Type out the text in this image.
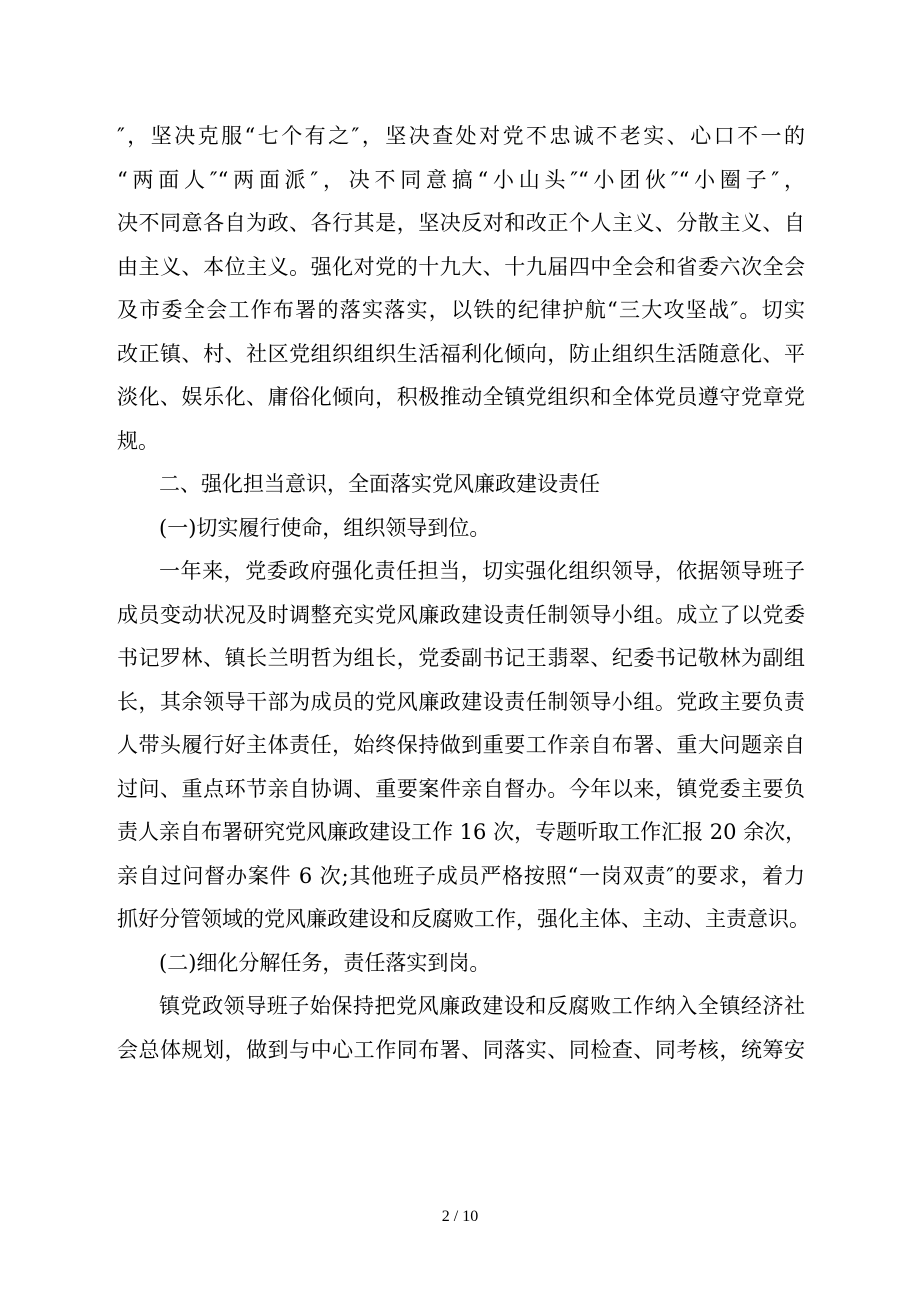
″，坚决克服“七个有之″，坚决查处对党不忠诚不老实、心口不一的
“两面人″“两面派″，决不同意搞“小山头″“小团伙″“小圈子″，
决不同意各自为政、各行其是，坚决反对和改正个人主义、分散主义、自
由主义、本位主义。强化对党的十九大、十九届四中全会和省委六次全会
及市委全会工作布署的落实落实，以铁的纪律护航“三大攻坚战″。切实
改正镇、村、社区党组织组织生活福利化倾向，防止组织生活随意化、平
淡化、娱乐化、庸俗化倾向，积极推动全镇党组织和全体党员遵守党章党
规。
二、强化担当意识，全面落实党风廉政建设责任
(一)切实履行使命，组织领导到位。
一年来，党委政府强化责任担当，切实强化组织领导，依据领导班子
成员变动状况及时调整充实党风廉政建设责任制领导小组。成立了以党委
书记罗林、镇长兰明哲为组长，党委副书记王翡翠、纪委书记敬林为副组
长，其余领导干部为成员的党风廉政建设责任制领导小组。党政主要负责
人带头履行好主体责任，始终保持做到重要工作亲自布署、重大问题亲自
过问、重点环节亲自协调、重要案件亲自督办。今年以来，镇党委主要负
责人亲自布署研究党风廉政建设工作 16 次，专题听取工作汇报 20 余次，
亲自过问督办案件 6 次;其他班子成员严格按照“一岗双责″的要求，着力
抓好分管领域的党风廉政建设和反腐败工作，强化主体、主动、主责意识。
(二)细化分解任务，责任落实到岗。
镇党政领导班子始保持把党风廉政建设和反腐败工作纳入全镇经济社
会总体规划，做到与中心工作同布署、同落实、同检查、同考核，统筹安
2 / 10
